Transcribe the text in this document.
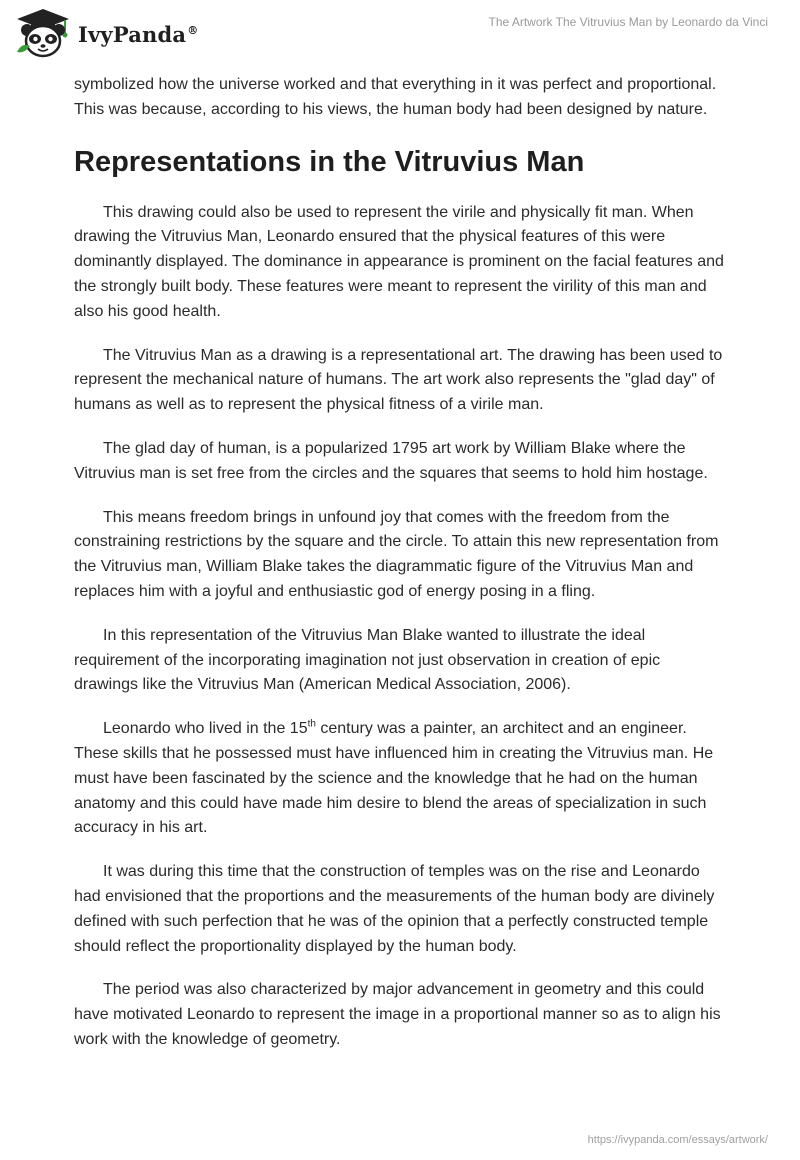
IvyPanda®
The Artwork The Vitruvius Man by Leonardo da Vinci

symbolized how the universe worked and that everything in it was perfect and proportional. This was because, according to his views, the human body had been designed by nature.

Representations in the Vitruvius Man

This drawing could also be used to represent the virile and physically fit man. When drawing the Vitruvius Man, Leonardo ensured that the physical features of this were dominantly displayed. The dominance in appearance is prominent on the facial features and the strongly built body. These features were meant to represent the virility of this man and also his good health.

The Vitruvius Man as a drawing is a representational art. The drawing has been used to represent the mechanical nature of humans. The art work also represents the "glad day" of humans as well as to represent the physical fitness of a virile man.

The glad day of human, is a popularized 1795 art work by William Blake where the Vitruvius man is set free from the circles and the squares that seems to hold him hostage.

This means freedom brings in unfound joy that comes with the freedom from the constraining restrictions by the square and the circle. To attain this new representation from the Vitruvius man, William Blake takes the diagrammatic figure of the Vitruvius Man and replaces him with a joyful and enthusiastic god of energy posing in a fling.

In this representation of the Vitruvius Man Blake wanted to illustrate the ideal requirement of the incorporating imagination not just observation in creation of epic drawings like the Vitruvius Man (American Medical Association, 2006).

Leonardo who lived in the 15th century was a painter, an architect and an engineer. These skills that he possessed must have influenced him in creating the Vitruvius man. He must have been fascinated by the science and the knowledge that he had on the human anatomy and this could have made him desire to blend the areas of specialization in such accuracy in his art.

It was during this time that the construction of temples was on the rise and Leonardo had envisioned that the proportions and the measurements of the human body are divinely defined with such perfection that he was of the opinion that a perfectly constructed temple should reflect the proportionality displayed by the human body.

The period was also characterized by major advancement in geometry and this could have motivated Leonardo to represent the image in a proportional manner so as to align his work with the knowledge of geometry.

https://ivypanda.com/essays/artwork/
